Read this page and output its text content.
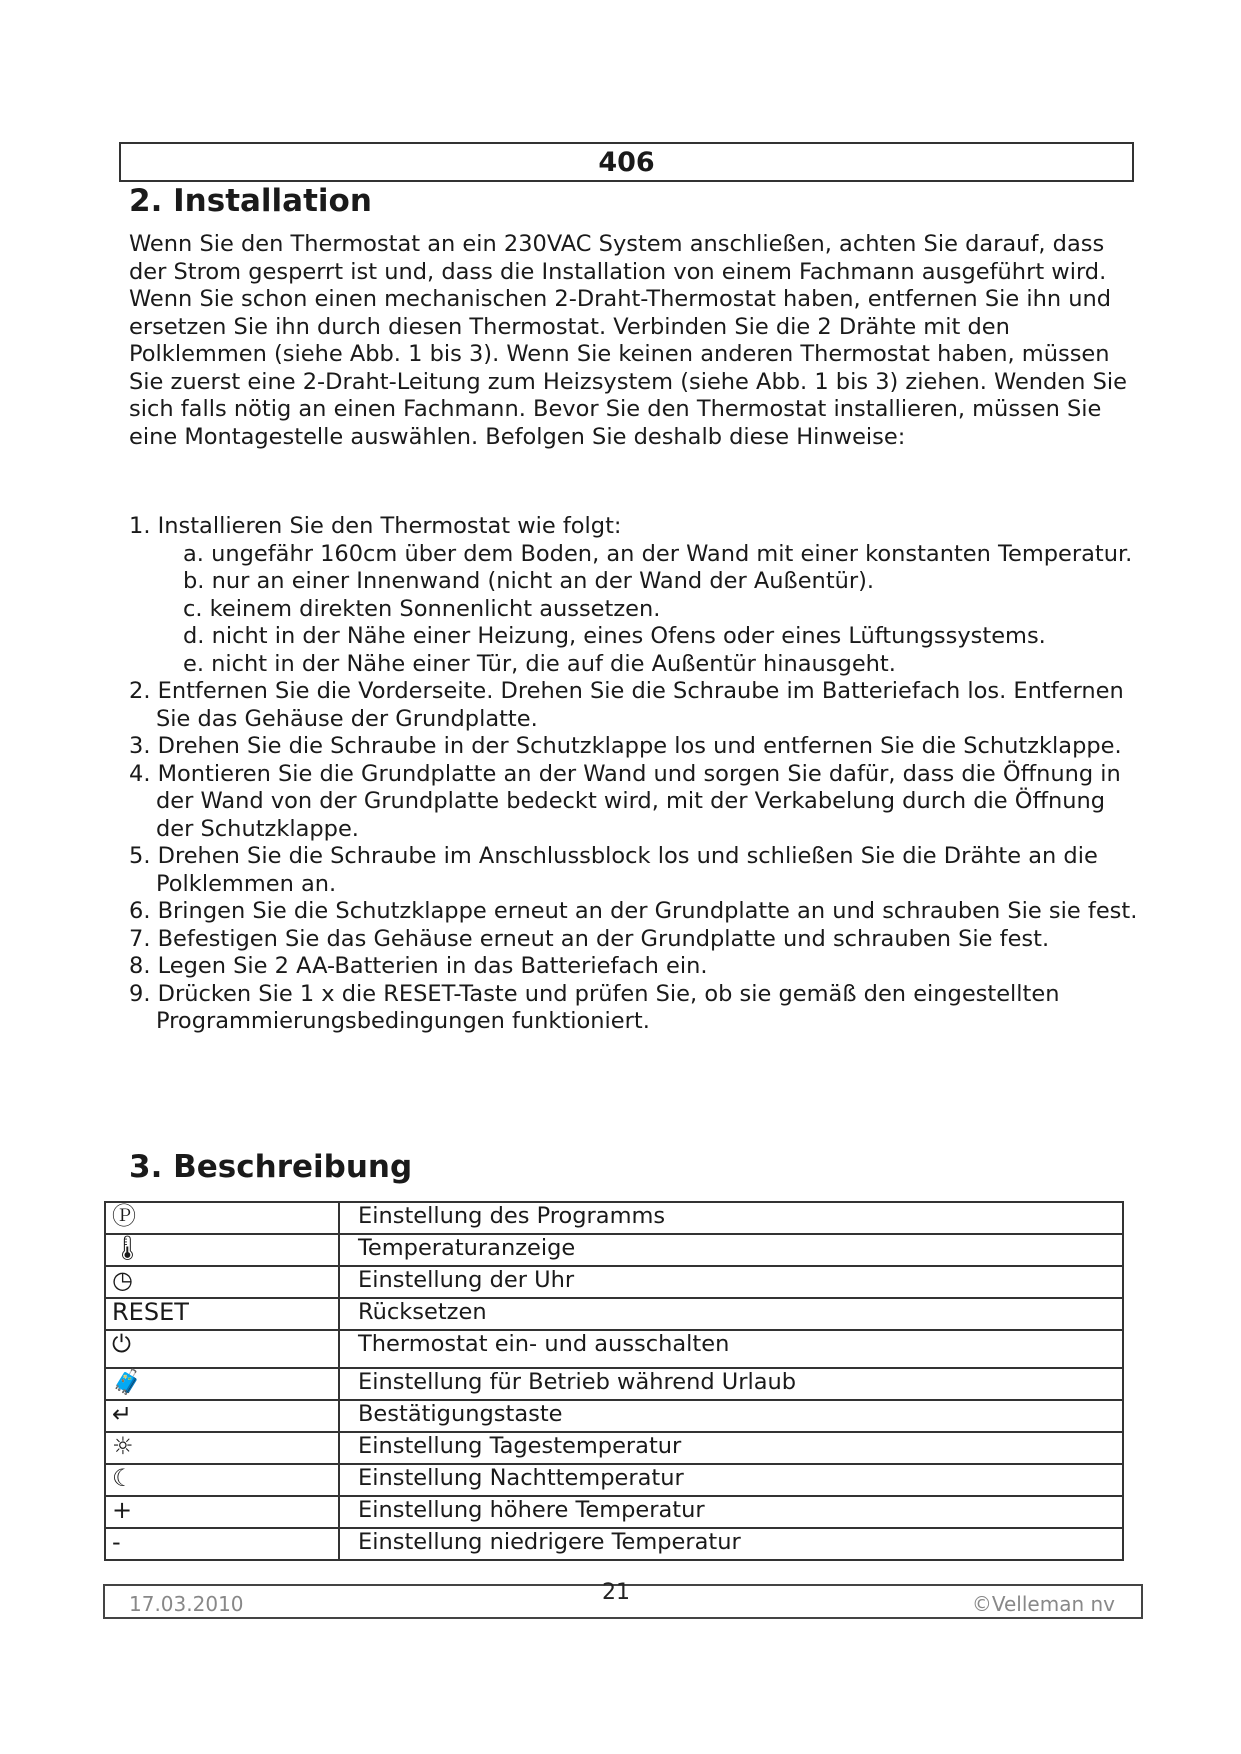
406
2. Installation

Wenn Sie den Thermostat an ein 230VAC System anschließen, achten Sie darauf, dass der Strom gesperrt ist und, dass die Installation von einem Fachmann ausgeführt wird. Wenn Sie schon einen mechanischen 2-Draht-Thermostat haben, entfernen Sie ihn und ersetzen Sie ihn durch diesen Thermostat. Verbinden Sie die 2 Drähte mit den Polklemmen (siehe Abb. 1 bis 3). Wenn Sie keinen anderen Thermostat haben, müssen Sie zuerst eine 2-Draht-Leitung zum Heizsystem (siehe Abb. 1 bis 3) ziehen. Wenden Sie sich falls nötig an einen Fachmann. Bevor Sie den Thermostat installieren, müssen Sie eine Montagestelle auswählen. Befolgen Sie deshalb diese Hinweise:

1. Installieren Sie den Thermostat wie folgt:
a. ungefähr 160cm über dem Boden, an der Wand mit einer konstanten Temperatur.
b. nur an einer Innenwand (nicht an der Wand der Außentür).
c. keinem direkten Sonnenlicht aussetzen.
d. nicht in der Nähe einer Heizung, eines Ofens oder eines Lüftungssystems.
e. nicht in der Nähe einer Tür, die auf die Außentür hinausgeht.
2. Entfernen Sie die Vorderseite. Drehen Sie die Schraube im Batteriefach los. Entfernen Sie das Gehäuse der Grundplatte.
3. Drehen Sie die Schraube in der Schutzklappe los und entfernen Sie die Schutzklappe.
4. Montieren Sie die Grundplatte an der Wand und sorgen Sie dafür, dass die Öffnung in der Wand von der Grundplatte bedeckt wird, mit der Verkabelung durch die Öffnung der Schutzklappe.
5. Drehen Sie die Schraube im Anschlussblock los und schließen Sie die Drähte an die Polklemmen an.
6. Bringen Sie die Schutzklappe erneut an der Grundplatte an und schrauben Sie sie fest.
7. Befestigen Sie das Gehäuse erneut an der Grundplatte und schrauben Sie fest.
8. Legen Sie 2 AA-Batterien in das Batteriefach ein.
9. Drücken Sie 1 x die RESET-Taste und prüfen Sie, ob sie gemäß den eingestellten Programmierungsbedingungen funktioniert.
3. Beschreibung
Ⓟ	Einstellung des Programms
🌡	Temperaturanzeige
◷	Einstellung der Uhr
RESET	Rücksetzen
⏻	Thermostat ein- und ausschalten
🧳	Einstellung für Betrieb während Urlaub
↵	Bestätigungstaste
☼	Einstellung Tagestemperatur
☾	Einstellung Nachttemperatur
+	Einstellung höhere Temperatur
-	Einstellung niedrigere Temperatur
17.03.2010	21	©Velleman nv
